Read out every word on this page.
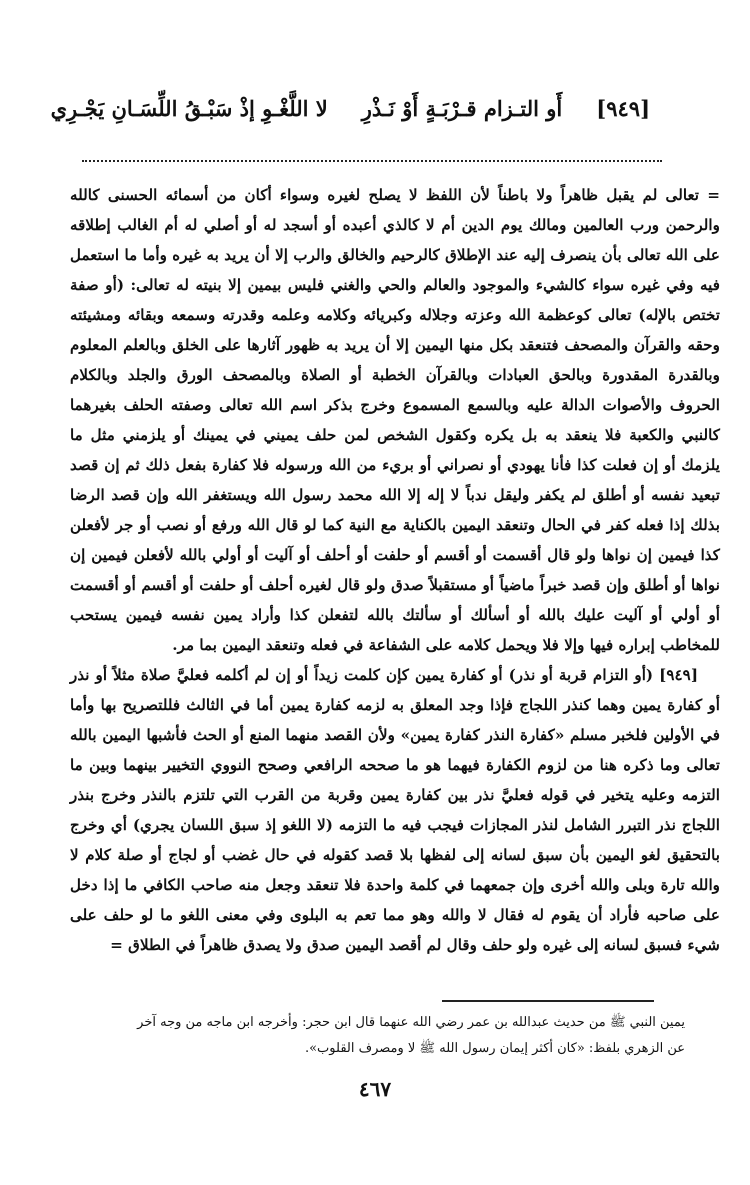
[٩٤٩]
أَو التـزام قـرْبَـةٍ أَوْ نَـذْرِ
لا اللَّغْـوِ إذْ سَبْـقُ اللِّسَـانِ يَجْـرِي

= تعالى لم يقبل ظاهراً ولا باطناً لأن اللفظ لا يصلح لغيره وسواء أكان من أسمائه الحسنى كالله والرحمن ورب العالمين ومالك يوم الدين أم لا كالذي أعبده أو أسجد له أو أصلي له أم الغالب إطلاقه على الله تعالى بأن ينصرف إليه عند الإطلاق كالرحيم والخالق والرب إلا أن يريد به غيره وأما ما استعمل فيه وفي غيره سواء كالشيء والموجود والعالم والحي والغني فليس بيمين إلا بنيته له تعالى: (أو صفة تختص بالإله) تعالى كوعظمة الله وعزته وجلاله وكبريائه وكلامه وعلمه وقدرته وسمعه وبقائه ومشيئته وحقه والقرآن والمصحف فتنعقد بكل منها اليمين إلا أن يريد به ظهور آثارها على الخلق وبالعلم المعلوم وبالقدرة المقدورة وبالحق العبادات وبالقرآن الخطبة أو الصلاة وبالمصحف الورق والجلد وبالكلام الحروف والأصوات الدالة عليه وبالسمع المسموع وخرج بذكر اسم الله تعالى وصفته الحلف بغيرهما كالنبي والكعبة فلا ينعقد به بل يكره وكقول الشخص لمن حلف يميني في يمينك أو يلزمني مثل ما يلزمك أو إن فعلت كذا فأنا يهودي أو نصراني أو بريء من الله ورسوله فلا كفارة بفعل ذلك ثم إن قصد تبعيد نفسه أو أطلق لم يكفر وليقل ندباً لا إله إلا الله محمد رسول الله ويستغفر الله وإن قصد الرضا بذلك إذا فعله كفر في الحال وتنعقد اليمين بالكناية مع النية كما لو قال الله ورفع أو نصب أو جر لأفعلن كذا فيمين إن نواها ولو قال أقسمت أو أقسم أو حلفت أو أحلف أو آليت أو أولي بالله لأفعلن فيمين إن نواها أو أطلق وإن قصد خبراً ماضياً أو مستقبلاً صدق ولو قال لغيره أحلف أو حلفت أو أقسم أو أقسمت أو أولي أو آليت عليك بالله أو أسألك أو سألتك بالله لتفعلن كذا وأراد يمين نفسه فيمين يستحب للمخاطب إبراره فيها وإلا فلا ويحمل كلامه على الشفاعة في فعله وتنعقد اليمين بما مر.

[٩٤٩] (أو التزام قربة أو نذر) أو كفارة يمين كإن كلمت زيداً أو إن لم أكلمه فعليَّ صلاة مثلاً أو نذر أو كفارة يمين وهما كنذر اللجاج فإذا وجد المعلق به لزمه كفارة يمين أما في الثالث فللتصريح بها وأما في الأولين فلخبر مسلم «كفارة النذر كفارة يمين» ولأن القصد منهما المنع أو الحث فأشبها اليمين بالله تعالى وما ذكره هنا من لزوم الكفارة فيهما هو ما صححه الرافعي وصحح النووي التخيير بينهما وبين ما التزمه وعليه يتخير في قوله فعليَّ نذر بين كفارة يمين وقربة من القرب التي تلتزم بالنذر وخرج بنذر اللجاج نذر التبرر الشامل لنذر المجازات فيجب فيه ما التزمه (لا اللغو إذ سبق اللسان يجري) أي وخرج بالتحقيق لغو اليمين بأن سبق لسانه إلى لفظها بلا قصد كقوله في حال غضب أو لجاج أو صلة كلام لا والله تارة وبلى والله أخرى وإن جمعهما في كلمة واحدة فلا تنعقد وجعل منه صاحب الكافي ما إذا دخل على صاحبه فأراد أن يقوم له فقال لا والله وهو مما تعم به البلوى وفي معنى اللغو ما لو حلف على شيء فسبق لسانه إلى غيره ولو حلف وقال لم أقصد اليمين صدق ولا يصدق ظاهراً في الطلاق =

يمين النبي ﷺ من حديث عبدالله بن عمر رضي الله عنهما قال ابن حجر: وأخرجه ابن ماجه من وجه آخر

عن الزهري بلفظ: «كان أكثر إيمان رسول الله ﷺ لا ومصرف القلوب».

٤٦٧
